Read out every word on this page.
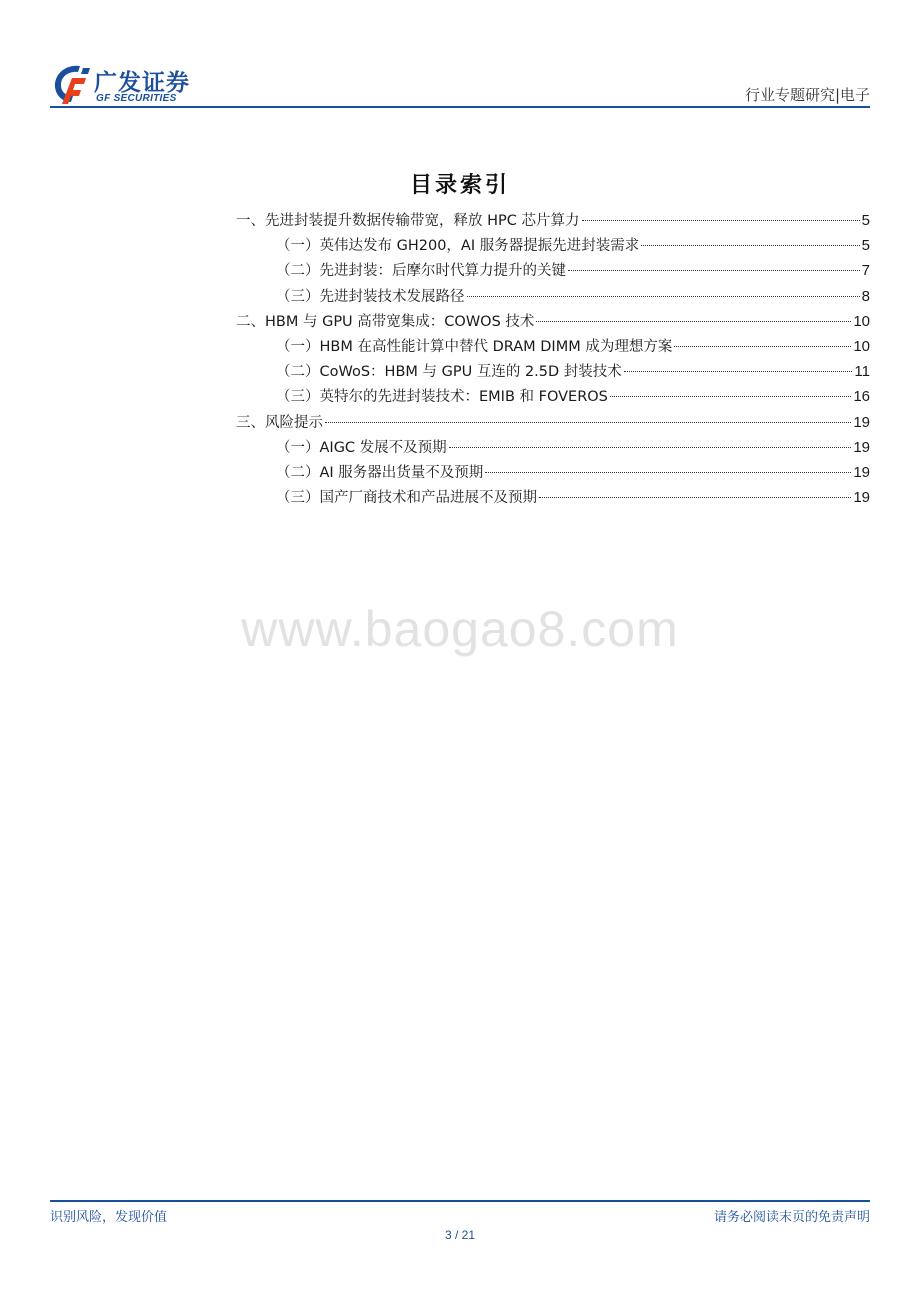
广发证券
GF SECURITIES	行业专题研究|电子
目录索引
一、先进封装提升数据传输带宽，释放 HPC 芯片算力	5
（一）英伟达发布 GH200，AI 服务器提振先进封装需求	5
（二）先进封装：后摩尔时代算力提升的关键	7
（三）先进封装技术发展路径	8
二、HBM 与 GPU 高带宽集成：COWOS 技术	10
（一）HBM 在高性能计算中替代 DRAM DIMM 成为理想方案	10
（二）CoWoS：HBM 与 GPU 互连的 2.5D 封装技术	11
（三）英特尔的先进封装技术：EMIB 和 FOVEROS	16
三、风险提示	19
（一）AIGC 发展不及预期	19
（二）AI 服务器出货量不及预期	19
（三）国产厂商技术和产品进展不及预期	19
www.baogao8.com
识别风险，发现价值	请务必阅读末页的免责声明
3 / 21
